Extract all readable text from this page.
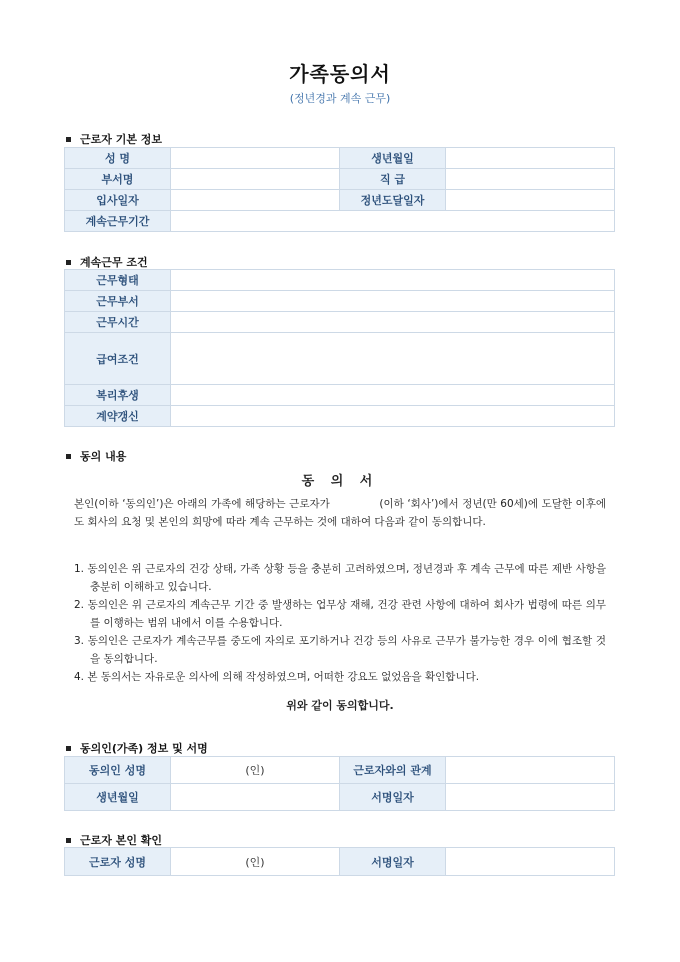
가족동의서
(정년경과 계속 근무)
근로자 기본 정보
성 명		생년월일	
부서명		직 급	
입사일자		정년도달일자	
계속근무기간			
계속근무 조건
근무형태	
근무부서	
근무시간	
급여조건	
복리후생	
계약갱신	
동의 내용
동 의 서

본인(이하 ‘동의인’)은 아래의 가족에 해당하는 근로자가              (이하 ‘회사’)에서 정년(만 60세)에 도달한 이후에도 회사의 요청 및 본인의 희망에 따라 계속 근무하는 것에 대하여 다음과 같이 동의합니다.

1. 동의인은 위 근로자의 건강 상태, 가족 상황 등을 충분히 고려하였으며, 정년경과 후 계속 근무에 따른 제반 사항을 충분히 이해하고 있습니다.
2. 동의인은 위 근로자의 계속근무 기간 중 발생하는 업무상 재해, 건강 관련 사항에 대하여 회사가 법령에 따른 의무를 이행하는 범위 내에서 이를 수용합니다.
3. 동의인은 근로자가 계속근무를 중도에 자의로 포기하거나 건강 등의 사유로 근무가 불가능한 경우 이에 협조할 것을 동의합니다.
4. 본 동의서는 자유로운 의사에 의해 작성하였으며, 어떠한 강요도 없었음을 확인합니다.
위와 같이 동의합니다.
동의인(가족) 정보 및 서명
동의인 성명	(인)	근로자와의 관계	
생년월일		서명일자	
근로자 본인 확인
근로자 성명	(인)	서명일자	
